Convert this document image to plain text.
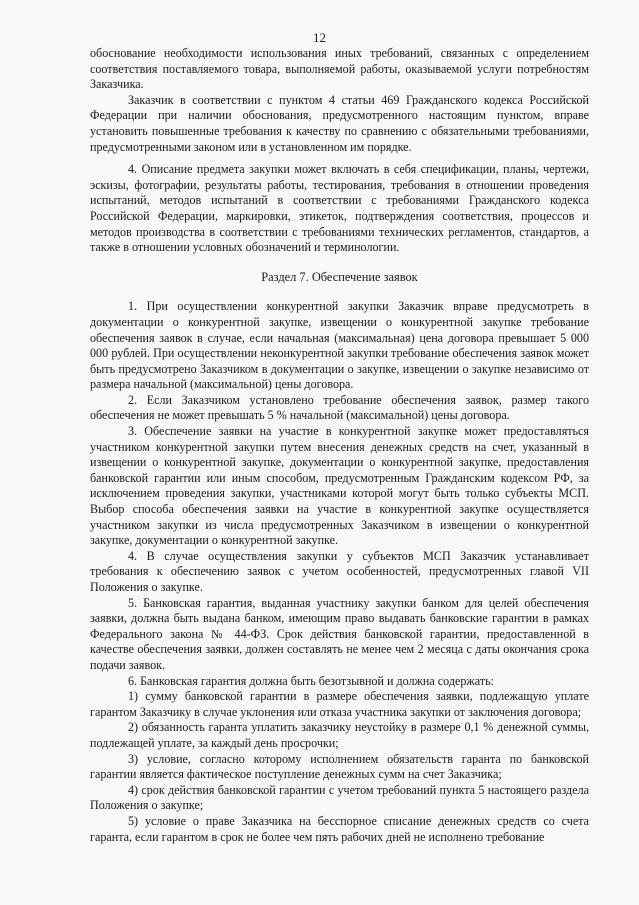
12

обоснование необходимости использования иных требований, связанных с определением соответствия поставляемого товара, выполняемой работы, оказываемой услуги потребностям Заказчика.

Заказчик в соответствии с пунктом 4 статьи 469 Гражданского кодекса Российской Федерации при наличии обоснования, предусмотренного настоящим пунктом, вправе установить повышенные требования к качеству по сравнению с обязательными требованиями, предусмотренными законом или в установленном им порядке.

4. Описание предмета закупки может включать в себя спецификации, планы, чертежи, эскизы, фотографии, результаты работы, тестирования, требования в отношении проведения испытаний, методов испытаний в соответствии с требованиями Гражданского кодекса Российской Федерации, маркировки, этикеток, подтверждения соответствия, процессов и методов производства в соответствии с требованиями технических регламентов, стандартов, а также в отношении условных обозначений и терминологии.

Раздел 7. Обеспечение заявок

1. При осуществлении конкурентной закупки Заказчик вправе предусмотреть в документации о конкурентной закупке, извещении о конкурентной закупке требование обеспечения заявок в случае, если начальная (максимальная) цена договора превышает 5 000 000 рублей. При осуществлении неконкурентной закупки требование обеспечения заявок может быть предусмотрено Заказчиком в документации о закупке, извещении о закупке независимо от размера начальной (максимальной) цены договора.

2. Если Заказчиком установлено требование обеспечения заявок, размер такого обеспечения не может превышать 5 % начальной (максимальной) цены договора.

3. Обеспечение заявки на участие в конкурентной закупке может предоставляться участником конкурентной закупки путем внесения денежных средств на счет, указанный в извещении о конкурентной закупке, документации о конкурентной закупке, предоставления банковской гарантии или иным способом, предусмотренным Гражданским кодексом РФ, за исключением проведения закупки, участниками которой могут быть только субъекты МСП. Выбор способа обеспечения заявки на участие в конкурентной закупке осуществляется участником закупки из числа предусмотренных Заказчиком в извещении о конкурентной закупке, документации о конкурентной закупке.

4. В случае осуществления закупки у субъектов МСП Заказчик устанавливает требования к обеспечению заявок с учетом особенностей, предусмотренных главой VII Положения о закупке.

5. Банковская гарантия, выданная участнику закупки банком для целей обеспечения заявки, должна быть выдана банком, имеющим право выдавать банковские гарантии в рамках Федерального закона № 44-ФЗ. Срок действия банковской гарантии, предоставленной в качестве обеспечения заявки, должен составлять не менее чем 2 месяца с даты окончания срока подачи заявок.

6. Банковская гарантия должна быть безотзывной и должна содержать:

1) сумму банковской гарантии в размере обеспечения заявки, подлежащую уплате гарантом Заказчику в случае уклонения или отказа участника закупки от заключения договора;

2) обязанность гаранта уплатить заказчику неустойку в размере 0,1 % денежной суммы, подлежащей уплате, за каждый день просрочки;

3) условие, согласно которому исполнением обязательств гаранта по банковской гарантии является фактическое поступление денежных сумм на счет Заказчика;

4) срок действия банковской гарантии с учетом требований пункта 5 настоящего раздела Положения о закупке;

5) условие о праве Заказчика на бесспорное списание денежных средств со счета гаранта, если гарантом в срок не более чем пять рабочих дней не исполнено требование
